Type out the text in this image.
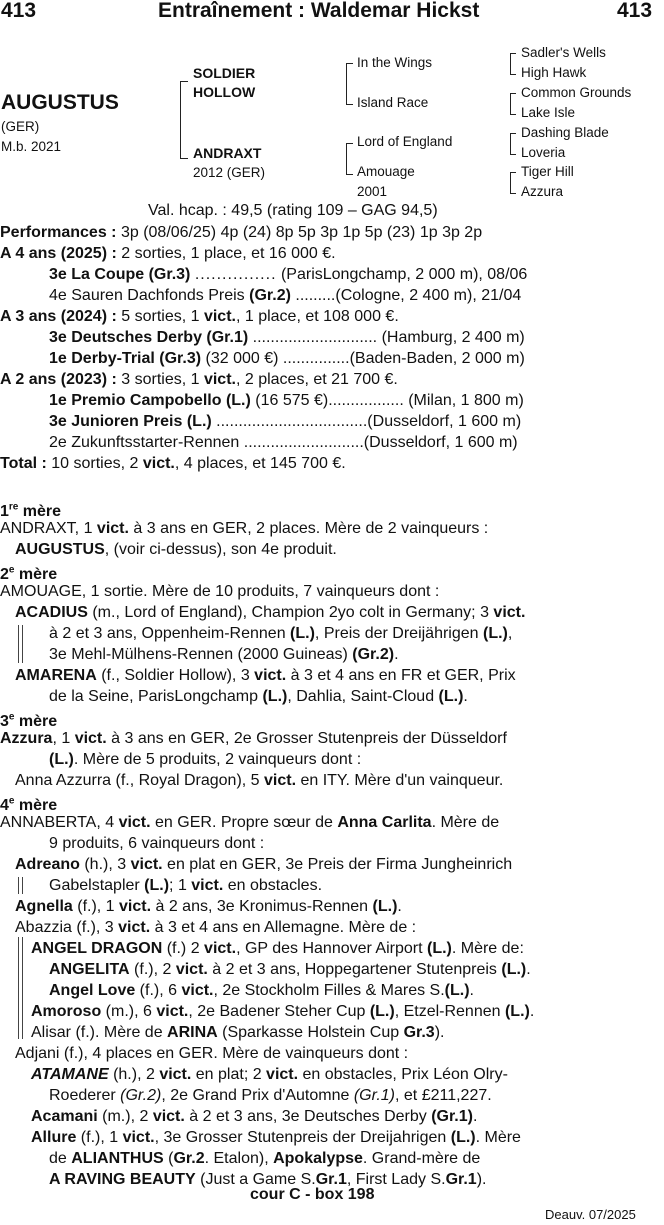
413	Entraînement : Waldemar Hickst	413
AUGUSTUS
(GER)
M.b. 2021
SOLDIER
HOLLOW
ANDRAXT
2012 (GER)
In the Wings
Island Race
Lord of England
Amouage
2001
Sadler's Wells
High Hawk
Common Grounds
Lake Isle
Dashing Blade
Loveria
Tiger Hill
Azzura
Val. hcap. : 49,5 (rating 109 – GAG 94,5)
Performances : 3p (08/06/25) 4p (24) 8p 5p 3p 1p 5p (23) 1p 3p 2p
A 4 ans (2025) : 2 sorties, 1 place, et 16 000 €.
3e La Coupe (Gr.3) ............... (ParisLongchamp, 2 000 m), 08/06
4e Sauren Dachfonds Preis (Gr.2) .........(Cologne, 2 400 m), 21/04
A 3 ans (2024) : 5 sorties, 1 vict., 1 place, et 108 000 €.
3e Deutsches Derby (Gr.1) ............................ (Hamburg, 2 400 m)
1e Derby-Trial (Gr.3) (32 000 €) ...............(Baden-Baden, 2 000 m)
A 2 ans (2023) : 3 sorties, 1 vict., 2 places, et 21 700 €.
1e Premio Campobello (L.) (16 575 €)................. (Milan, 1 800 m)
3e Junioren Preis (L.) ..................................(Dusseldorf, 1 600 m)
2e Zukunftsstarter-Rennen ...........................(Dusseldorf, 1 600 m)
Total : 10 sorties, 2 vict., 4 places, et 145 700 €.
1re mère
ANDRAXT, 1 vict. à 3 ans en GER, 2 places. Mère de 2 vainqueurs :
AUGUSTUS, (voir ci-dessus), son 4e produit.
2e mère
AMOUAGE, 1 sortie. Mère de 10 produits, 7 vainqueurs dont :
ACADIUS (m., Lord of England), Champion 2yo colt in Germany; 3 vict.
à 2 et 3 ans, Oppenheim-Rennen (L.), Preis der Dreijährigen (L.),
3e Mehl-Mülhens-Rennen (2000 Guineas) (Gr.2).
AMARENA (f., Soldier Hollow), 3 vict. à 3 et 4 ans en FR et GER, Prix
de la Seine, ParisLongchamp (L.), Dahlia, Saint-Cloud (L.).
3e mère
Azzura, 1 vict. à 3 ans en GER, 2e Grosser Stutenpreis der Düsseldorf
(L.). Mère de 5 produits, 2 vainqueurs dont :
Anna Azzurra (f., Royal Dragon), 5 vict. en ITY. Mère d'un vainqueur.
4e mère
ANNABERTA, 4 vict. en GER. Propre sœur de Anna Carlita. Mère de
9 produits, 6 vainqueurs dont :
Adreano (h.), 3 vict. en plat en GER, 3e Preis der Firma Jungheinrich
Gabelstapler (L.); 1 vict. en obstacles.
Agnella (f.), 1 vict. à 2 ans, 3e Kronimus-Rennen (L.).
Abazzia (f.), 3 vict. à 3 et 4 ans en Allemagne. Mère de :
ANGEL DRAGON (f.) 2 vict., GP des Hannover Airport (L.). Mère de:
ANGELITA (f.), 2 vict. à 2 et 3 ans, Hoppegartener Stutenpreis (L.).
Angel Love (f.), 6 vict., 2e Stockholm Filles & Mares S.(L.).
Amoroso (m.), 6 vict., 2e Badener Steher Cup (L.), Etzel-Rennen (L.).
Alisar (f.). Mère de ARINA (Sparkasse Holstein Cup Gr.3).
Adjani (f.), 4 places en GER. Mère de vainqueurs dont :
ATAMANE (h.), 2 vict. en plat; 2 vict. en obstacles, Prix Léon Olry-
Roederer (Gr.2), 2e Grand Prix d'Automne (Gr.1), et £211,227.
Acamani (m.), 2 vict. à 2 et 3 ans, 3e Deutsches Derby (Gr.1).
Allure (f.), 1 vict., 3e Grosser Stutenpreis der Dreijahrigen (L.). Mère
de ALIANTHUS (Gr.2. Etalon), Apokalypse. Grand-mère de
A RAVING BEAUTY (Just a Game S.Gr.1, First Lady S.Gr.1).
cour C - box 198
Deauv. 07/2025
